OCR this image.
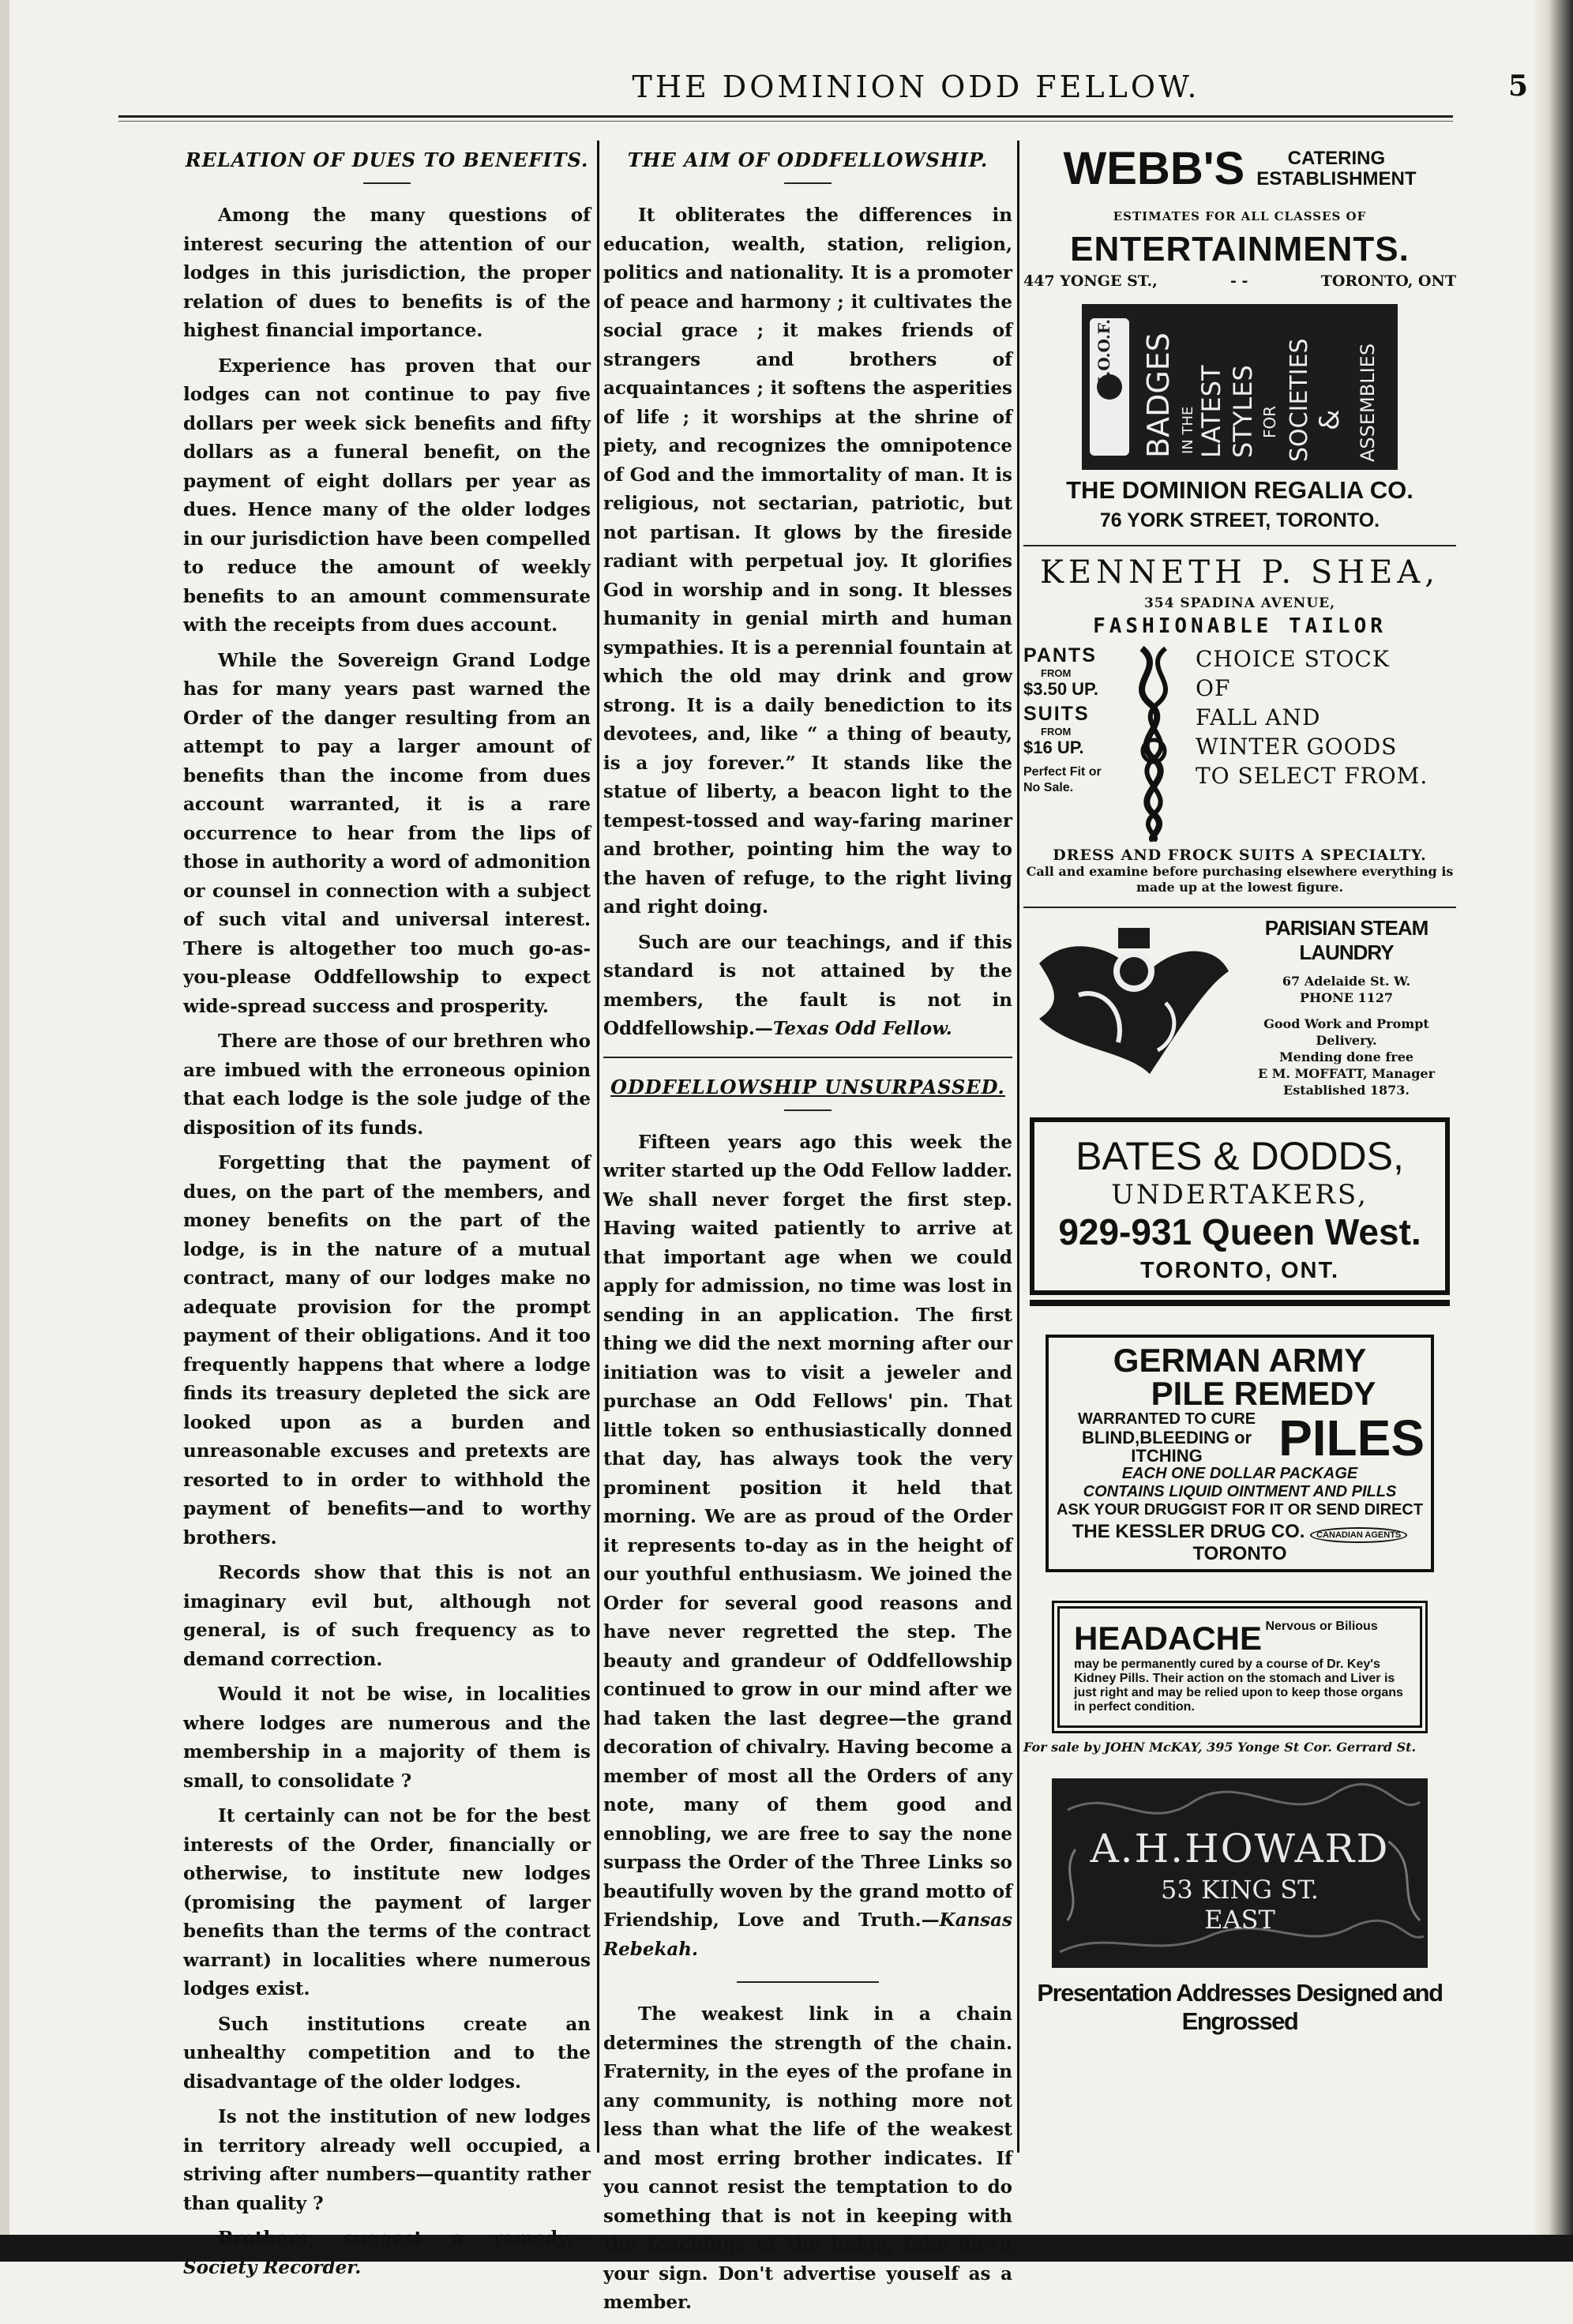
THE DOMINION ODD FELLOW.	5
RELATION OF DUES TO BENEFITS.

Among the many questions of interest securing the attention of our lodges in this jurisdiction, the proper relation of dues to benefits is of the highest financial importance.

Experience has proven that our lodges can not continue to pay five dollars per week sick benefits and fifty dollars as a funeral benefit, on the payment of eight dollars per year as dues. Hence many of the older lodges in our jurisdiction have been compelled to reduce the amount of weekly benefits to an amount commensurate with the receipts from dues account.

While the Sovereign Grand Lodge has for many years past warned the Order of the danger resulting from an attempt to pay a larger amount of benefits than the income from dues account warranted, it is a rare occurrence to hear from the lips of those in authority a word of admonition or counsel in connection with a subject of such vital and universal interest. There is altogether too much go-as-you-please Oddfellowship to expect wide-spread success and prosperity.

There are those of our brethren who are imbued with the erroneous opinion that each lodge is the sole judge of the disposition of its funds.

Forgetting that the payment of dues, on the part of the members, and money benefits on the part of the lodge, is in the nature of a mutual contract, many of our lodges make no adequate provision for the prompt payment of their obligations. And it too frequently happens that where a lodge finds its treasury depleted the sick are looked upon as a burden and unreasonable excuses and pretexts are resorted to in order to withhold the payment of benefits—and to worthy brothers.

Records show that this is not an imaginary evil but, although not general, is of such frequency as to demand correction.

Would it not be wise, in localities where lodges are numerous and the membership in a majority of them is small, to consolidate ?

It certainly can not be for the best interests of the Order, financially or otherwise, to institute new lodges (promising the payment of larger benefits than the terms of the contract warrant) in localities where numerous lodges exist.

Such institutions create an unhealthy competition and to the disadvantage of the older lodges.

Is not the institution of new lodges in territory already well occupied, a striving after numbers—quantity rather than quality ?

Brothers, suggest a remedy.—Society Recorder.

THE AIM OF ODDFELLOWSHIP.

It obliterates the differences in education, wealth, station, religion, politics and nationality. It is a promoter of peace and harmony ; it cultivates the social grace ; it makes friends of strangers and brothers of acquaintances ; it softens the asperities of life ; it worships at the shrine of piety, and recognizes the omnipotence of God and the immortality of man. It is religious, not sectarian, patriotic, but not partisan. It glows by the fireside radiant with perpetual joy. It glorifies God in worship and in song. It blesses humanity in genial mirth and human sympathies. It is a perennial fountain at which the old may drink and grow strong. It is a daily benediction to its devotees, and, like “ a thing of beauty, is a joy forever.” It stands like the statue of liberty, a beacon light to the tempest-tossed and way-faring mariner and brother, pointing him the way to the haven of refuge, to the right living and right doing.

Such are our teachings, and if this standard is not attained by the members, the fault is not in Oddfellowship.—Texas Odd Fellow.

ODDFELLOWSHIP UNSURPASSED.

Fifteen years ago this week the writer started up the Odd Fellow ladder. We shall never forget the first step. Having waited patiently to arrive at that important age when we could apply for admission, no time was lost in sending in an application. The first thing we did the next morning after our initiation was to visit a jeweler and purchase an Odd Fellows' pin. That little token so enthusiastically donned that day, has always took the very prominent position it held that morning. We are as proud of the Order it represents to-day as in the height of our youthful enthusiasm. We joined the Order for several good reasons and have never regretted the step. The beauty and grandeur of Oddfellowship continued to grow in our mind after we had taken the last degree—the grand decoration of chivalry. Having become a member of most all the Orders of any note, many of them good and ennobling, we are free to say the none surpass the Order of the Three Links so beautifully woven by the grand motto of Friendship, Love and Truth.—Kansas Rebekah.

The weakest link in a chain determines the strength of the chain. Fraternity, in the eyes of the profane in any community, is nothing more not less than what the life of the weakest and most erring brother indicates. If you cannot resist the temptation to do something that is not in keeping with the teachings of the lodge, take down your sign. Don't advertise youself as a member.

WEBB'S CATERING
ESTABLISHMENT
ESTIMATES FOR ALL CLASSES OF
ENTERTAINMENTS.
447 YONGE ST.,	- -	TORONTO, ONT
I.O.O.F. BADGES IN THE LATEST STYLES FOR SOCIETIES & ASSEMBLIES
THE DOMINION REGALIA CO.
76 YORK STREET, TORONTO.
KENNETH P. SHEA,
354 SPADINA AVENUE,
FASHIONABLE TAILOR
PANTS
FROM
$3.50 UP.
SUITS
FROM
$16 UP.
Perfect Fit or No Sale.
CHOICE STOCK
OF
FALL AND
WINTER GOODS
TO SELECT FROM.
DRESS AND FROCK SUITS A SPECIALTY.
Call and examine before purchasing elsewhere everything is made up at the lowest figure.
PARISIAN STEAM LAUNDRY
67 Adelaide St. W.
PHONE 1127
Good Work and Prompt Delivery.
Mending done free
E M. MOFFATT, Manager
Established 1873.
BATES & DODDS,
UNDERTAKERS,
929-931 Queen West.
TORONTO, ONT.
GERMAN ARMY
PILE REMEDY
WARRANTED TO CURE
BLIND,BLEEDING or ITCHING	PILES
EACH ONE DOLLAR PACKAGE
CONTAINS LIQUID OINTMENT AND PILLS
ASK YOUR DRUGGIST FOR IT OR SEND DIRECT
THE KESSLER DRUG CO. CANADIAN AGENTS TORONTO
HEADACHE Nervous or Bilious may be permanently cured by a course of Dr. Key's Kidney Pills. Their action on the stomach and Liver is just right and may be relied upon to keep those organs in perfect condition.
For sale by JOHN McKAY, 395 Yonge St Cor. Gerrard St.
A.H.HOWARD
53 KING ST.
EAST
Presentation Addresses Designed and Engrossed
